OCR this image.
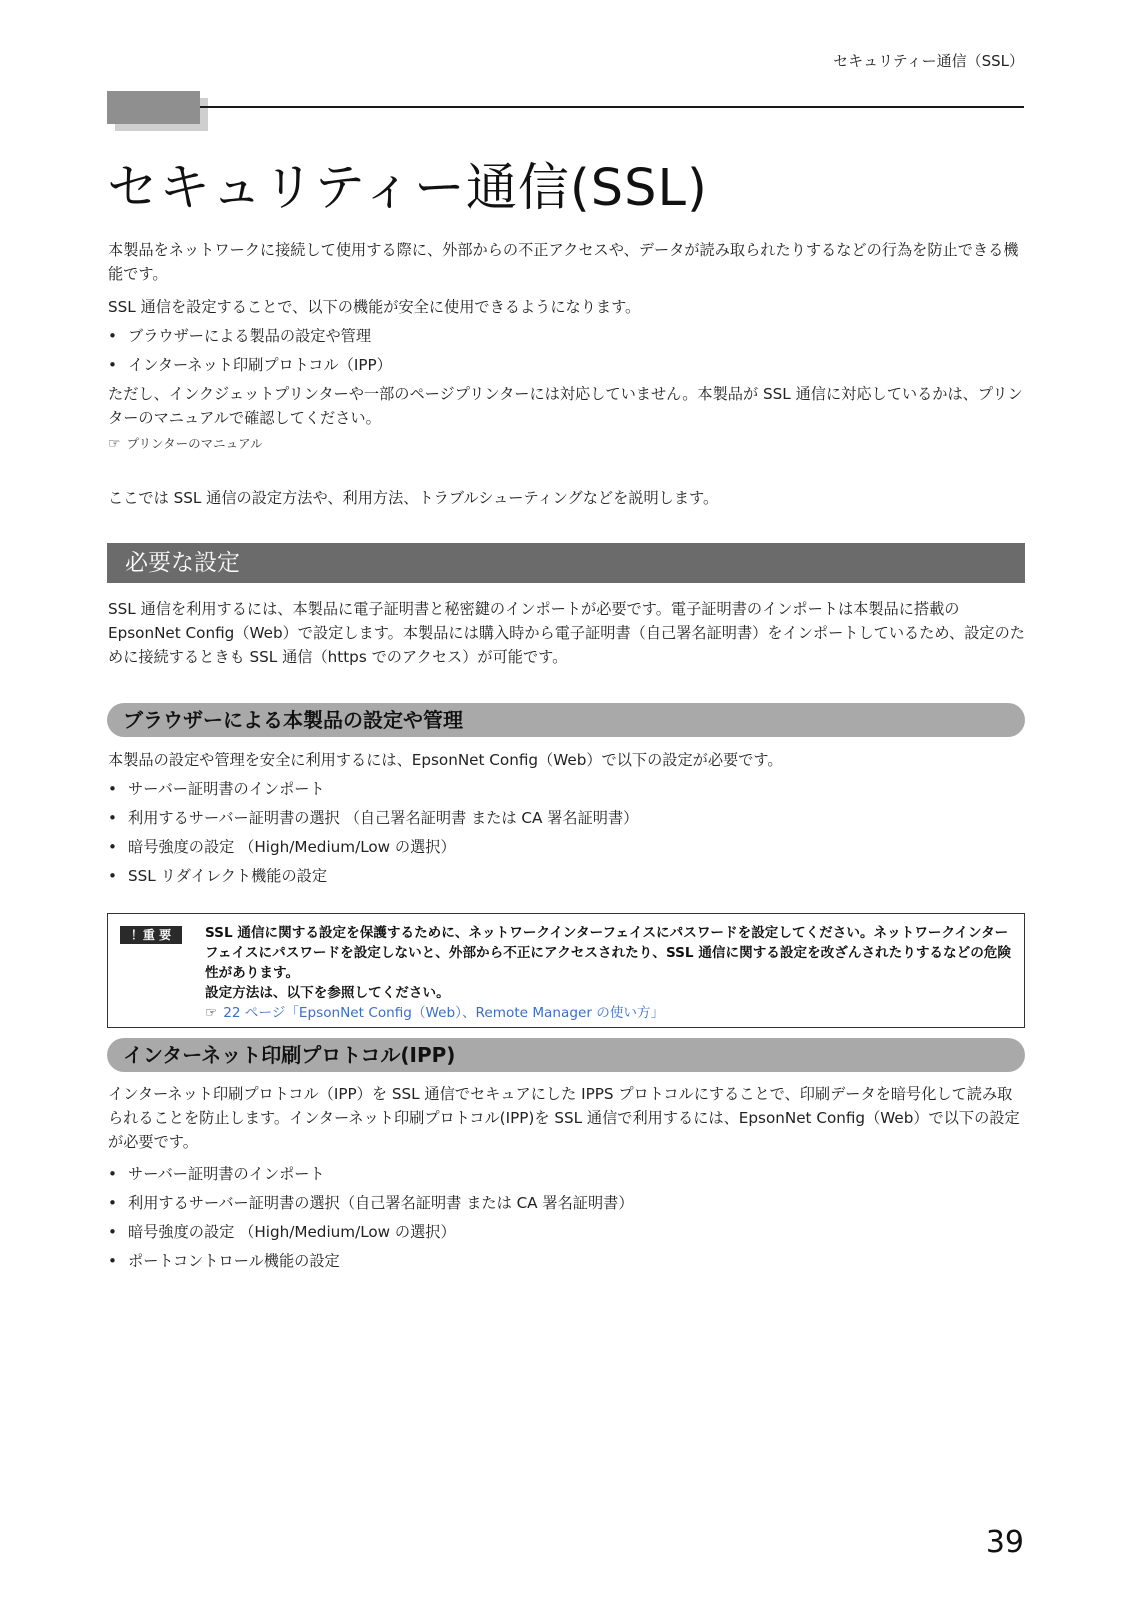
セキュリティー通信（SSL）
セキュリティー通信(SSL)

本製品をネットワークに接続して使用する際に、外部からの不正アクセスや、データが読み取られたりするなどの行為を防止できる機能です。

SSL 通信を設定することで、以下の機能が安全に使用できるようになります。

• ブラウザーによる製品の設定や管理
• インターネット印刷プロトコル（IPP）

ただし、インクジェットプリンターや一部のページプリンターには対応していません。本製品が SSL 通信に対応しているかは、プリンターのマニュアルで確認してください。

☞ プリンターのマニュアル

ここでは SSL 通信の設定方法や、利用方法、トラブルシューティングなどを説明します。

必要な設定

SSL 通信を利用するには、本製品に電子証明書と秘密鍵のインポートが必要です。電子証明書のインポートは本製品に搭載の EpsonNet Config（Web）で設定します。本製品には購入時から電子証明書（自己署名証明書）をインポートしているため、設定のために接続するときも SSL 通信（https でのアクセス）が可能です。

ブラウザーによる本製品の設定や管理

本製品の設定や管理を安全に利用するには、EpsonNet Config（Web）で以下の設定が必要です。

• サーバー証明書のインポート
• 利用するサーバー証明書の選択 （自己署名証明書 または CA 署名証明書）
• 暗号強度の設定 （High/Medium/Low の選択）
• SSL リダイレクト機能の設定
！重 要	SSL 通信に関する設定を保護するために、ネットワークインターフェイスにパスワードを設定してください。ネットワークインターフェイスにパスワードを設定しないと、外部から不正にアクセスされたり、SSL 通信に関する設定を改ざんされたりするなどの危険性があります。
設定方法は、以下を参照してください。
☞ 22 ページ「EpsonNet Config（Web）、Remote Manager の使い方」
インターネット印刷プロトコル(IPP)

インターネット印刷プロトコル（IPP）を SSL 通信でセキュアにした IPPS プロトコルにすることで、印刷データを暗号化して読み取られることを防止します。インターネット印刷プロトコル(IPP)を SSL 通信で利用するには、EpsonNet Config（Web）で以下の設定が必要です。

• サーバー証明書のインポート
• 利用するサーバー証明書の選択（自己署名証明書 または CA 署名証明書）
• 暗号強度の設定 （High/Medium/Low の選択）
• ポートコントロール機能の設定
39
